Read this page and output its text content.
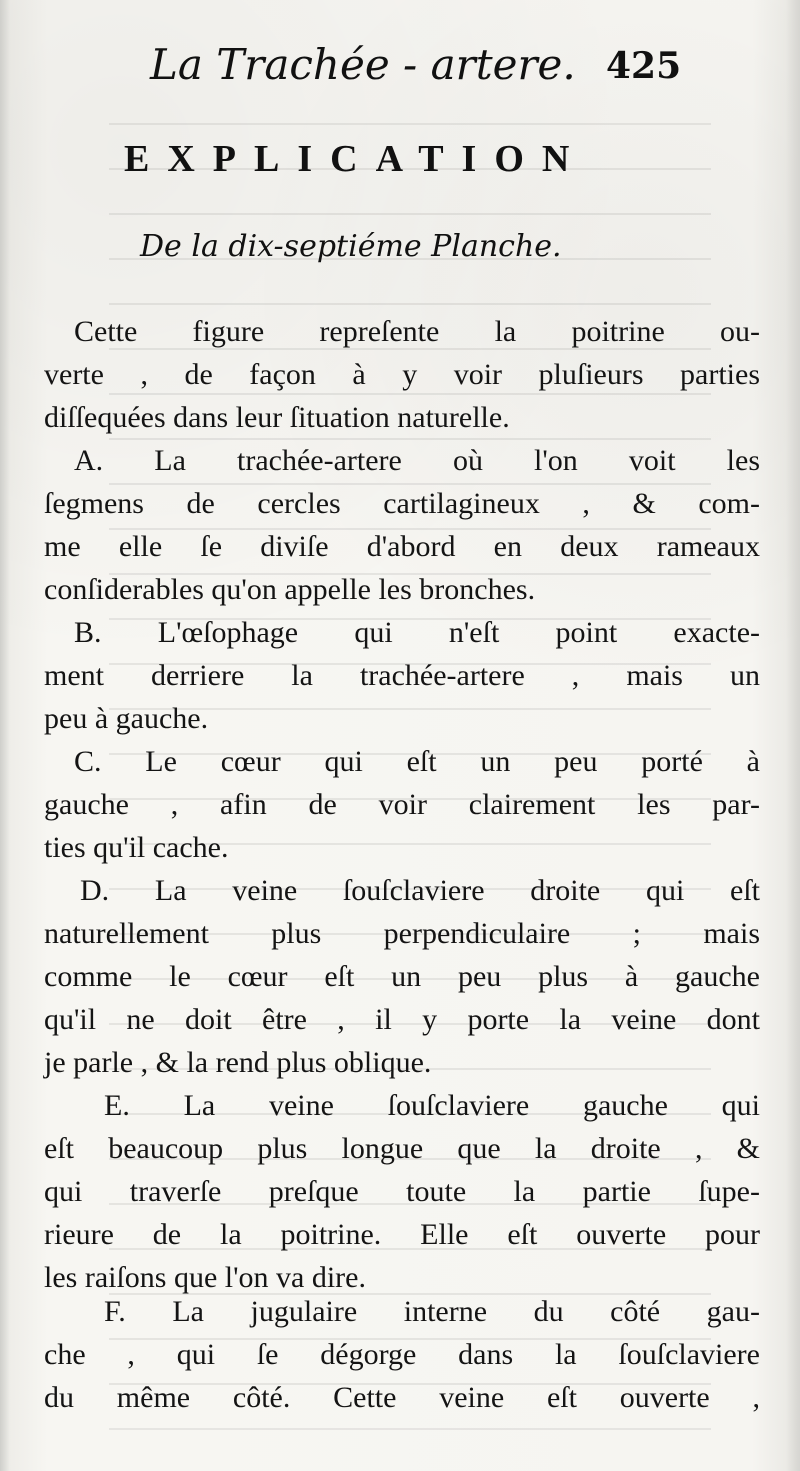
La Trachée - artere. 425
EXPLICATION
De la dix-septiéme Planche.
Cette figure repreſente la poitrine ou-
verte , de façon à y voir pluſieurs parties
diſſequées dans leur ſituation naturelle.
A. La trachée-artere où l'on voit les
ſegmens de cercles cartilagineux , & com-
me elle ſe diviſe d'abord en deux rameaux
conſiderables qu'on appelle les bronches.
B. L'œſophage qui n'eſt point exacte-
ment derriere la trachée-artere , mais un
peu à gauche.
C. Le cœur qui eſt un peu porté à
gauche , afin de voir clairement les par-
ties qu'il cache.
D. La veine ſouſclaviere droite qui eſt
naturellement plus perpendiculaire ; mais
comme le cœur eſt un peu plus à gauche
qu'il ne doit être , il y porte la veine dont
je parle , & la rend plus oblique.
E. La veine ſouſclaviere gauche qui
eſt beaucoup plus longue que la droite , &
qui traverſe preſque toute la partie ſupe-
rieure de la poitrine. Elle eſt ouverte pour
les raiſons que l'on va dire.
F. La jugulaire interne du côté gau-
che , qui ſe dégorge dans la ſouſclaviere
du même côté. Cette veine eſt ouverte ,
